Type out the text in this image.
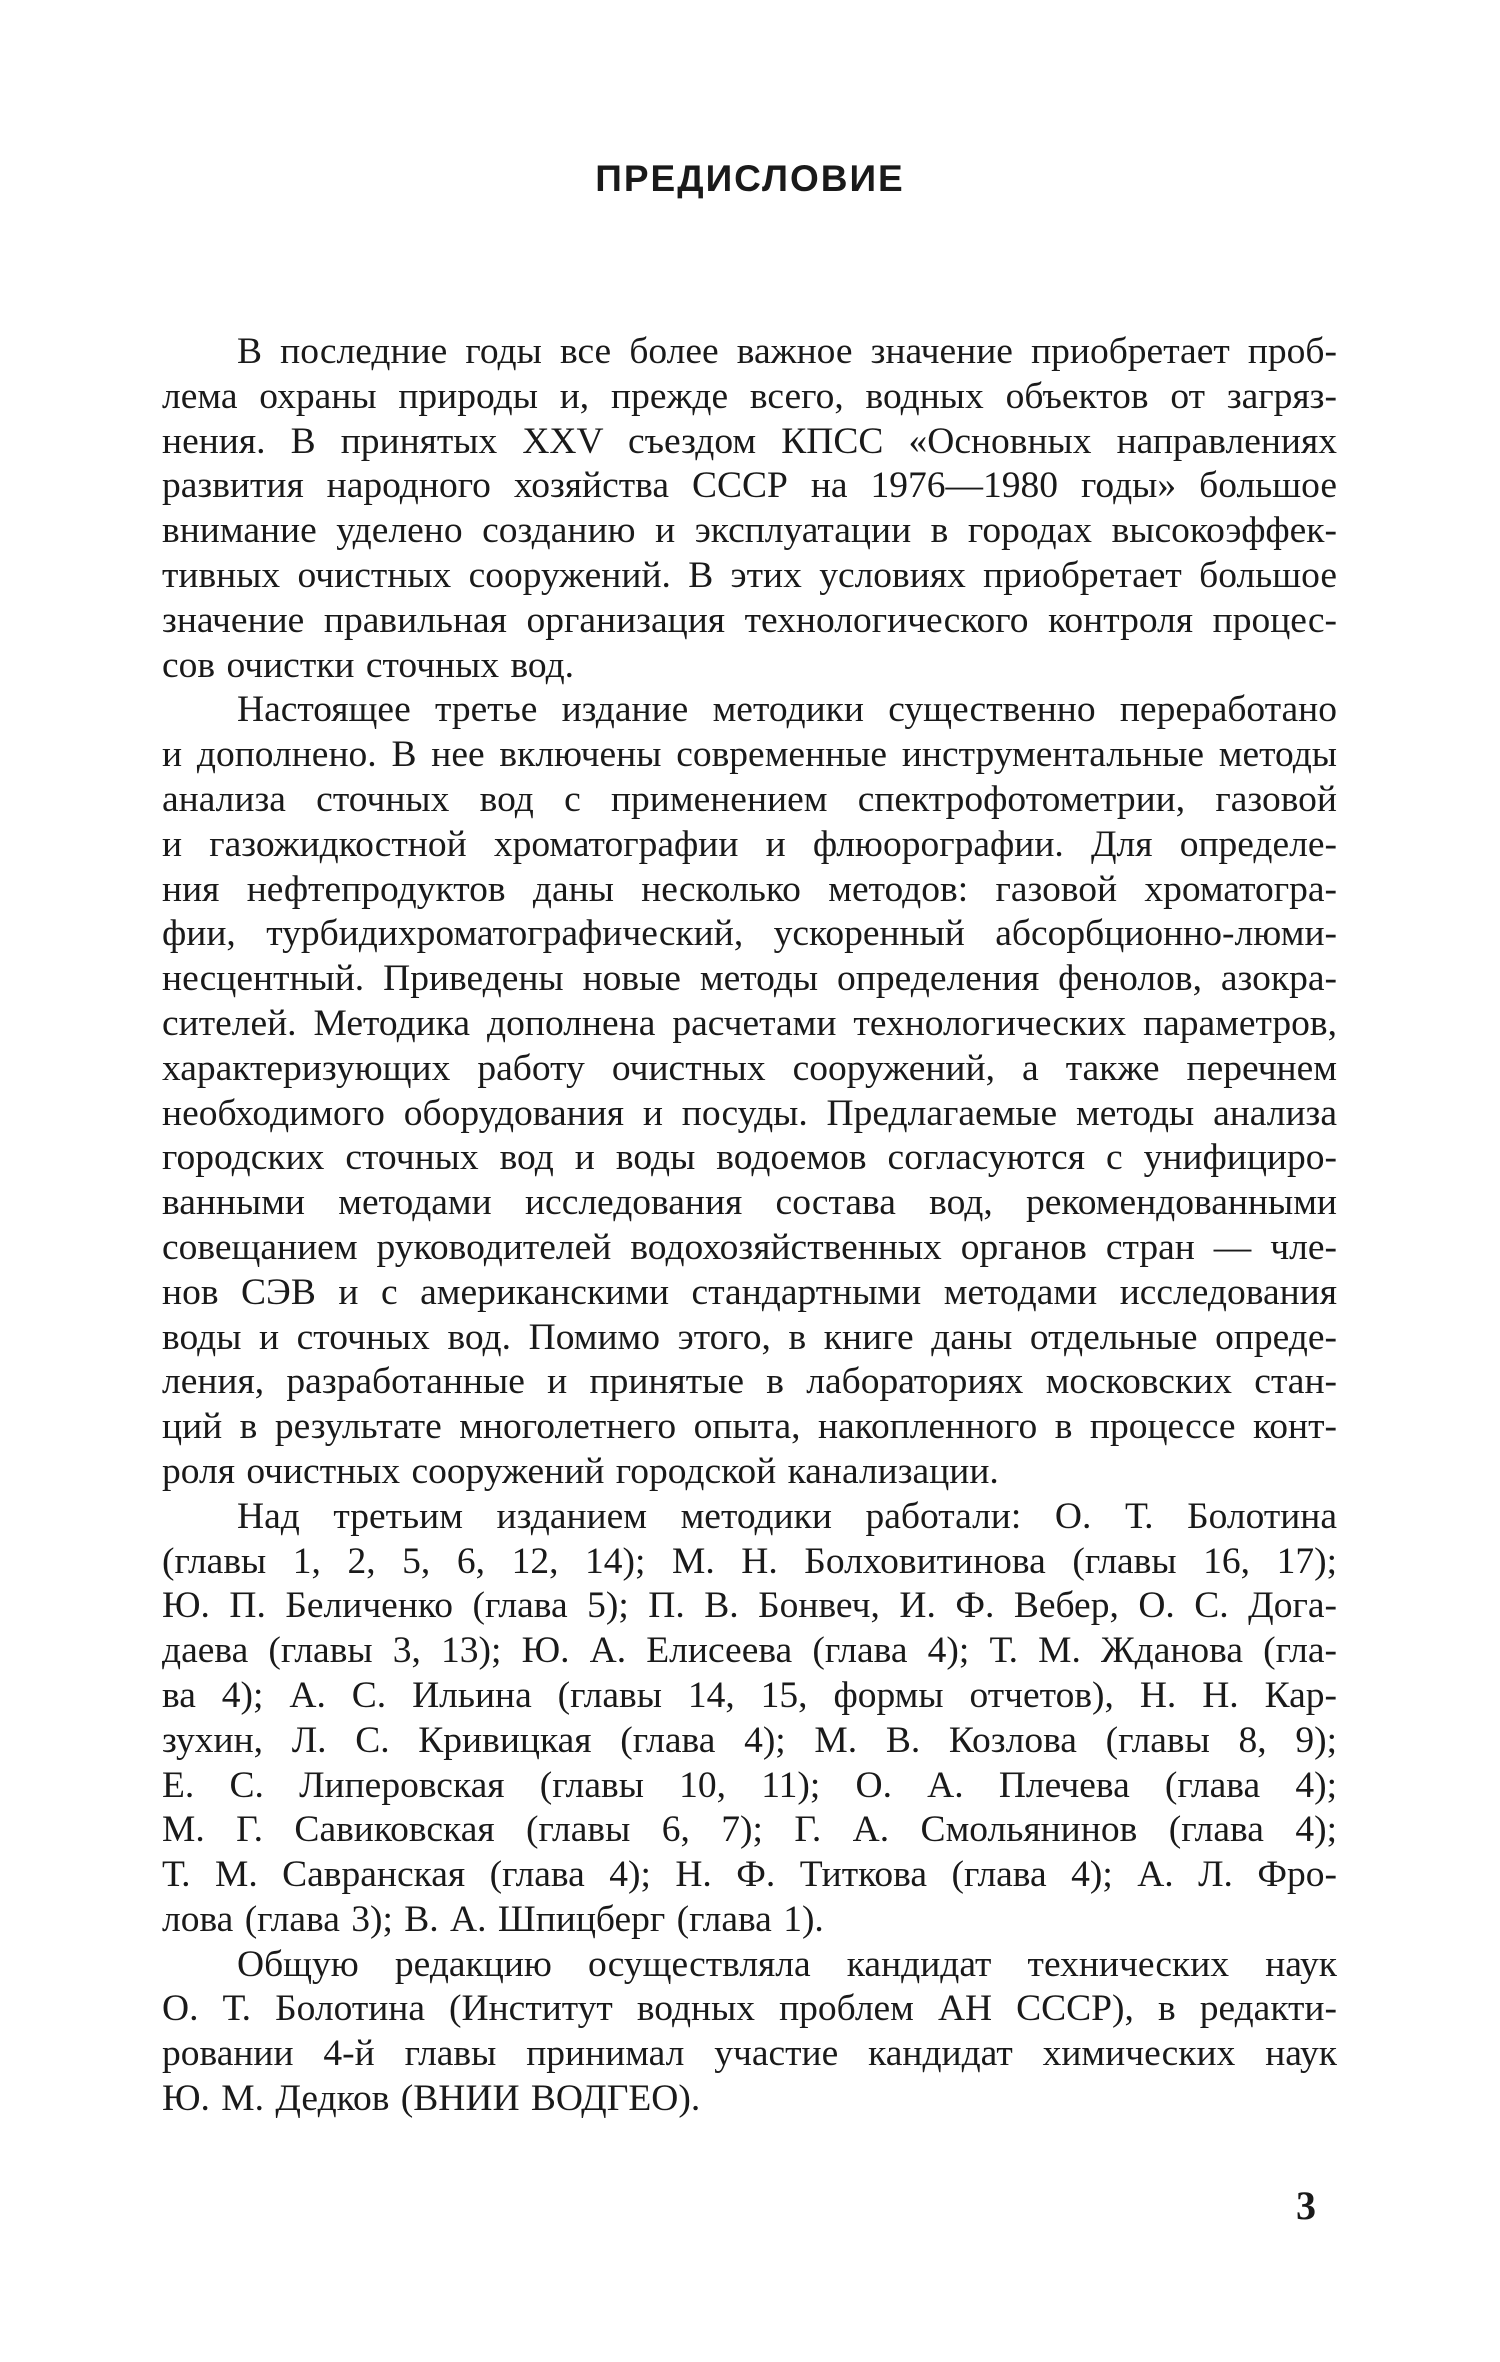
ПРЕДИСЛОВИЕ

В последние годы все более важное значение приобретает проб-
лема охраны природы и, прежде всего, водных объектов от загряз-
нения. В принятых XXV съездом КПСС «Основных направлениях
развития народного хозяйства СССР на 1976—1980 годы» большое
внимание уделено созданию и эксплуатации в городах высокоэффек-
тивных очистных сооружений. В этих условиях приобретает большое
значение правильная организация технологического контроля процес-
сов очистки сточных вод.

Настоящее третье издание методики существенно переработано
и дополнено. В нее включены современные инструментальные методы
анализа сточных вод с применением спектрофотометрии, газовой
и газожидкостной хроматографии и флюорографии. Для определе-
ния нефтепродуктов даны несколько методов: газовой хроматогра-
фии, турбидихроматографический, ускоренный абсорбционно-люми-
несцентный. Приведены новые методы определения фенолов, азокра-
сителей. Методика дополнена расчетами технологических параметров,
характеризующих работу очистных сооружений, а также перечнем
необходимого оборудования и посуды. Предлагаемые методы анализа
городских сточных вод и воды водоемов согласуются с унифициро-
ванными методами исследования состава вод, рекомендованными
совещанием руководителей водохозяйственных органов стран — чле-
нов СЭВ и с американскими стандартными методами исследования
воды и сточных вод. Помимо этого, в книге даны отдельные опреде-
ления, разработанные и принятые в лабораториях московских стан-
ций в результате многолетнего опыта, накопленного в процессе конт-
роля очистных сооружений городской канализации.

Над третьим изданием методики работали: О. Т. Болотина
(главы 1, 2, 5, 6, 12, 14); М. Н. Болховитинова (главы 16, 17);
Ю. П. Беличенко (глава 5); П. В. Бонвеч, И. Ф. Вебер, О. С. Дога-
даева (главы 3, 13); Ю. А. Елисеева (глава 4); Т. М. Жданова (гла-
ва 4); А. С. Ильина (главы 14, 15, формы отчетов), Н. Н. Кар-
зухин, Л. С. Кривицкая (глава 4); М. В. Козлова (главы 8, 9);
Е. С. Липеровская (главы 10, 11); О. А. Плечева (глава 4);
М. Г. Савиковская (главы 6, 7); Г. А. Смольянинов (глава 4);
Т. М. Савранская (глава 4); Н. Ф. Титкова (глава 4); А. Л. Фро-
лова (глава 3); В. А. Шпицберг (глава 1).

Общую редакцию осуществляла кандидат технических наук
О. Т. Болотина (Институт водных проблем АН СССР), в редакти-
ровании 4-й главы принимал участие кандидат химических наук
Ю. М. Дедков (ВНИИ ВОДГЕО).

3
